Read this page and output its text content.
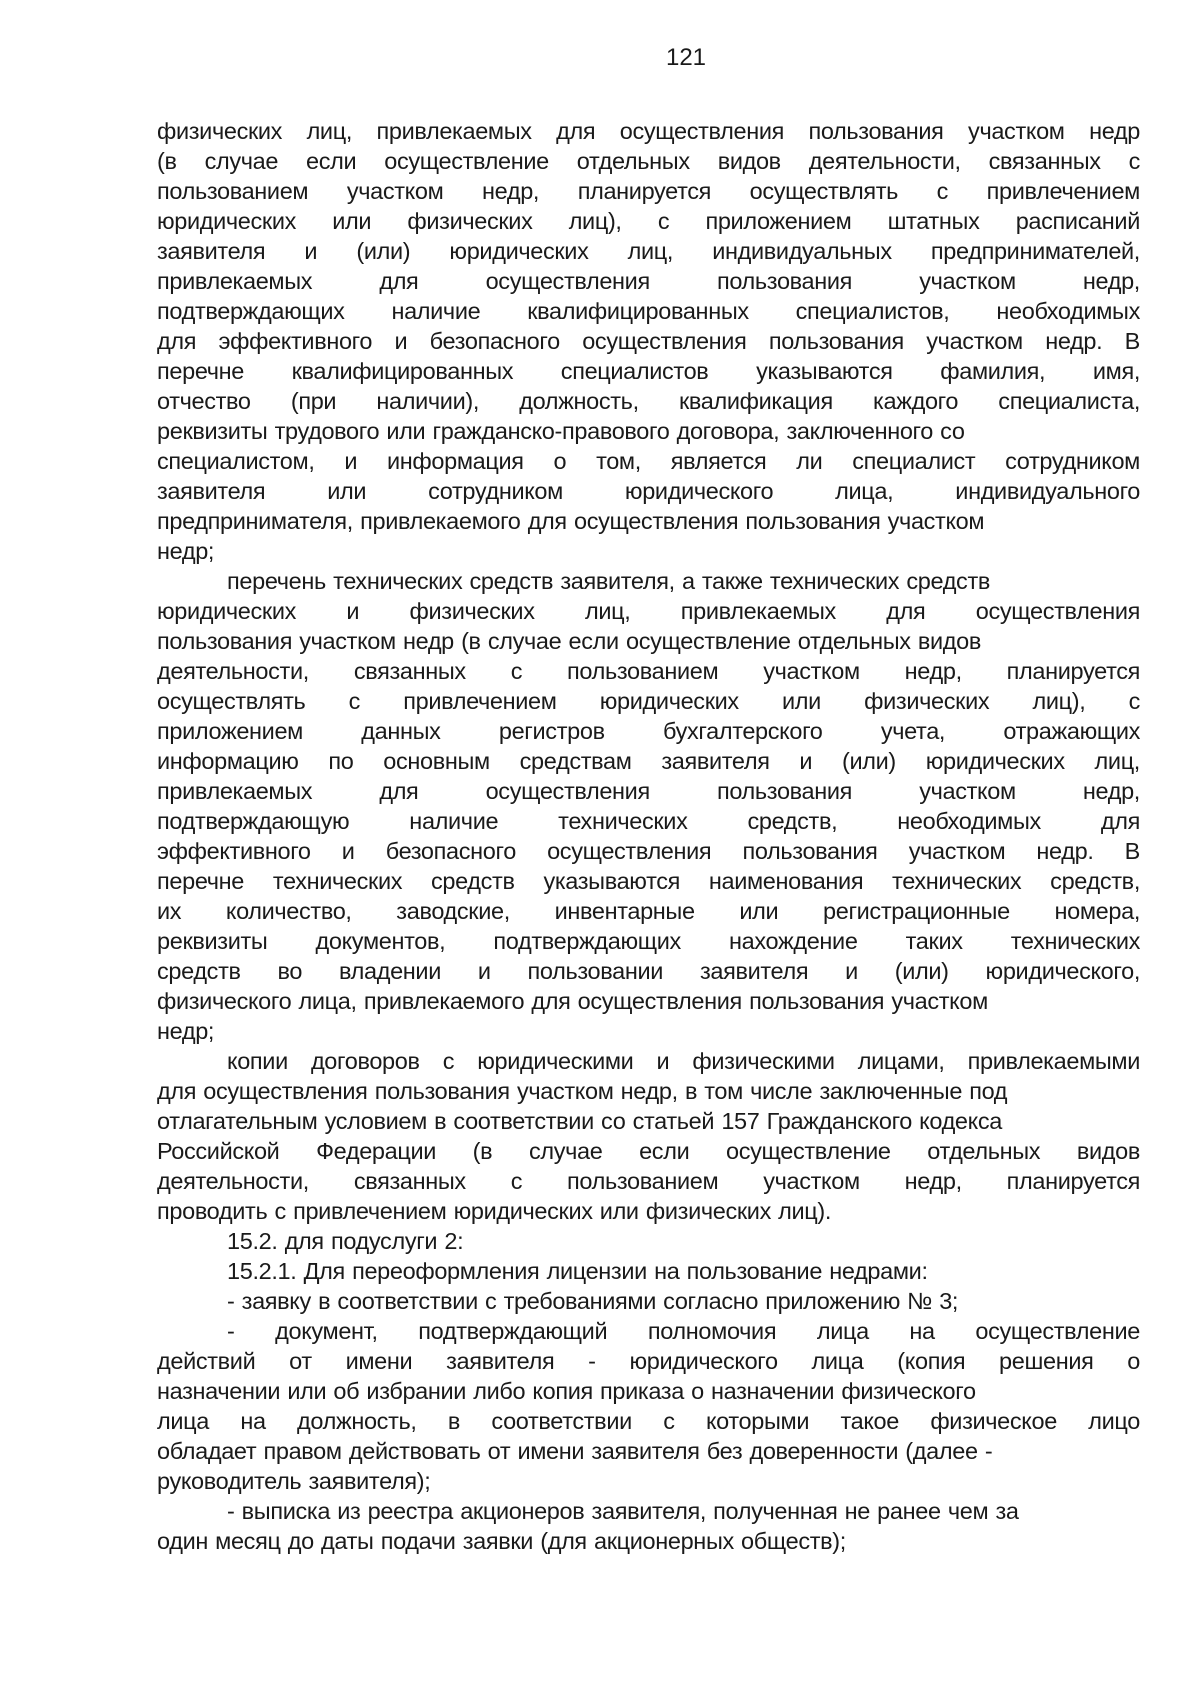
121
физических лиц, привлекаемых для осуществления пользования участком недр
(в случае если осуществление отдельных видов деятельности, связанных с
пользованием участком недр, планируется осуществлять с привлечением
юридических или физических лиц), с приложением штатных расписаний
заявителя и (или) юридических лиц, индивидуальных предпринимателей,
привлекаемых для осуществления пользования участком недр,
подтверждающих наличие квалифицированных специалистов, необходимых
для эффективного и безопасного осуществления пользования участком недр. В
перечне квалифицированных специалистов указываются фамилия, имя,
отчество (при наличии), должность, квалификация каждого специалиста,
реквизиты трудового или гражданско-правового договора, заключенного со
специалистом, и информация о том, является ли специалист сотрудником
заявителя или сотрудником юридического лица, индивидуального
предпринимателя, привлекаемого для осуществления пользования участком
недр;
перечень технических средств заявителя, а также технических средств
юридических и физических лиц, привлекаемых для осуществления
пользования участком недр (в случае если осуществление отдельных видов
деятельности, связанных с пользованием участком недр, планируется
осуществлять с привлечением юридических или физических лиц), с
приложением данных регистров бухгалтерского учета, отражающих
информацию по основным средствам заявителя и (или) юридических лиц,
привлекаемых для осуществления пользования участком недр,
подтверждающую наличие технических средств, необходимых для
эффективного и безопасного осуществления пользования участком недр. В
перечне технических средств указываются наименования технических средств,
их количество, заводские, инвентарные или регистрационные номера,
реквизиты документов, подтверждающих нахождение таких технических
средств во владении и пользовании заявителя и (или) юридического,
физического лица, привлекаемого для осуществления пользования участком
недр;
копии договоров с юридическими и физическими лицами, привлекаемыми
для осуществления пользования участком недр, в том числе заключенные под
отлагательным условием в соответствии со статьей 157 Гражданского кодекса
Российской Федерации (в случае если осуществление отдельных видов
деятельности, связанных с пользованием участком недр, планируется
проводить с привлечением юридических или физических лиц).
15.2. для подуслуги 2:
15.2.1. Для переоформления лицензии на пользование недрами:
- заявку в соответствии с требованиями согласно приложению № 3;
- документ, подтверждающий полномочия лица на осуществление
действий от имени заявителя - юридического лица (копия решения о
назначении или об избрании либо копия приказа о назначении физического
лица на должность, в соответствии с которыми такое физическое лицо
обладает правом действовать от имени заявителя без доверенности (далее -
руководитель заявителя);
- выписка из реестра акционеров заявителя, полученная не ранее чем за
один месяц до даты подачи заявки (для акционерных обществ);
